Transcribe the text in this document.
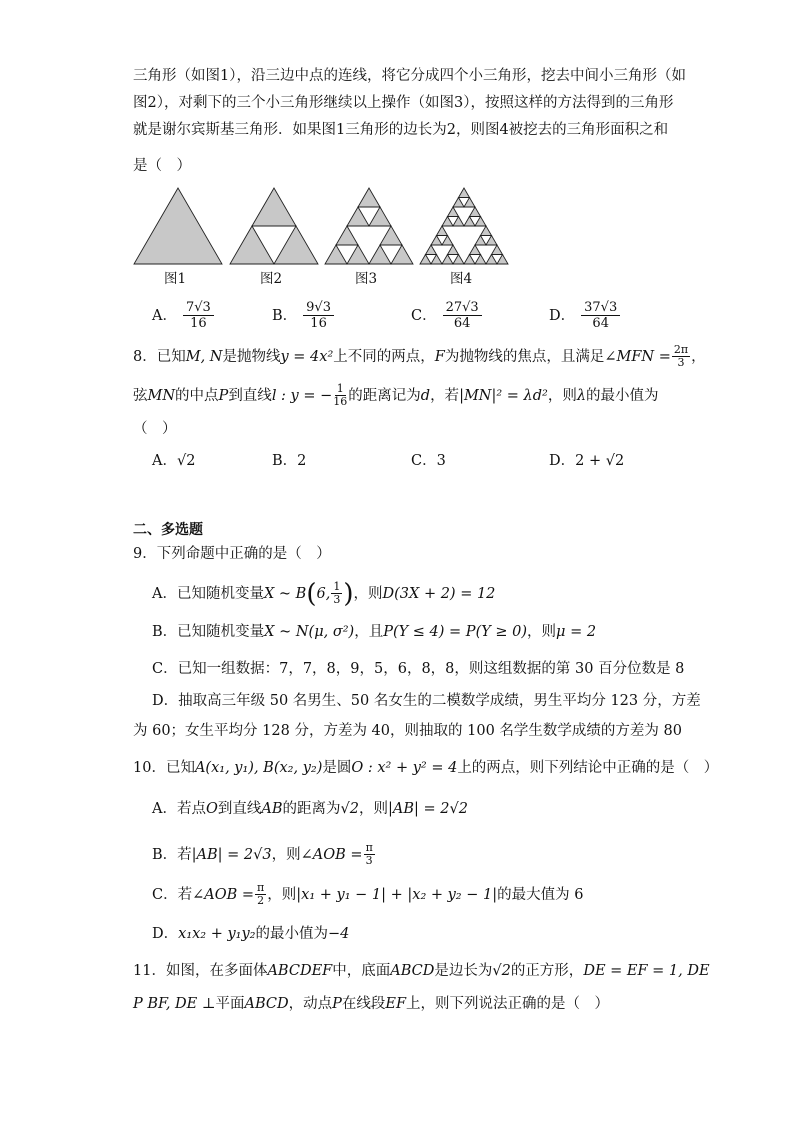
三角形（如图1），沿三边中点的连线，将它分成四个小三角形，挖去中间小三角形（如
图2），对剩下的三个小三角形继续以上操作（如图3），按照这样的方法得到的三角形
就是谢尔宾斯基三角形．如果图1三角形的边长为2，则图4被挖去的三角形面积之和
是（　）
图1	图2	图3	图4
A． $\frac{7√3}{16}$	B． $\frac{9√3}{16}$	C． $\frac{27√3}{64}$	D． $\frac{37√3}{64}$
8．已知 M, N 是抛物线 y = 4x² 上不同的两点， F 为抛物线的焦点，且满足 ∠MFN = $\frac{2\pi}{3}$ ，
弦 MN 的中点 P 到直线 l : y = − $\frac{1}{16}$ 的距离记为 d ，若 |MN|² = λd² ，则 λ 的最小值为
（　）
A． √2	B． 2	C． 3	D． 2 + √2
二、多选题
9．下列命题中正确的是（　）
A．已知随机变量 X ~ B ( 6, $\frac{1}{3}$ ) ，则 D(3X + 2) = 12
B．已知随机变量 X ~ N(μ, σ²) ，且 P(Y ≤ 4) = P(Y ≥ 0) ，则 μ = 2
C．已知一组数据：7，7，8，9，5，6，8，8，则这组数据的第 30 百分位数是 8
D．抽取高三年级 50 名男生、50 名女生的二模数学成绩，男生平均分 123 分，方差
为 60；女生平均分 128 分，方差为 40，则抽取的 100 名学生数学成绩的方差为 80
10．已知 A(x₁, y₁), B(x₂, y₂) 是圆 O : x² + y² = 4 上的两点，则下列结论中正确的是（　）
A．若点 O 到直线 AB 的距离为 √2 ，则 |AB| = 2√2
B．若 |AB| = 2√3 ，则 ∠AOB = $\frac{\pi}{3}$
C．若 ∠AOB = $\frac{\pi}{2}$ ，则 |x₁ + y₁ − 1| + |x₂ + y₂ − 1| 的最大值为 6
D． x₁x₂ + y₁y₂ 的最小值为 −4
11．如图，在多面体 ABCDEF 中，底面 ABCD 是边长为 √2 的正方形， DE = EF = 1, DE
P BF, DE ⊥ 平面 ABCD ，动点 P 在线段 EF 上，则下列说法正确的是（　）
